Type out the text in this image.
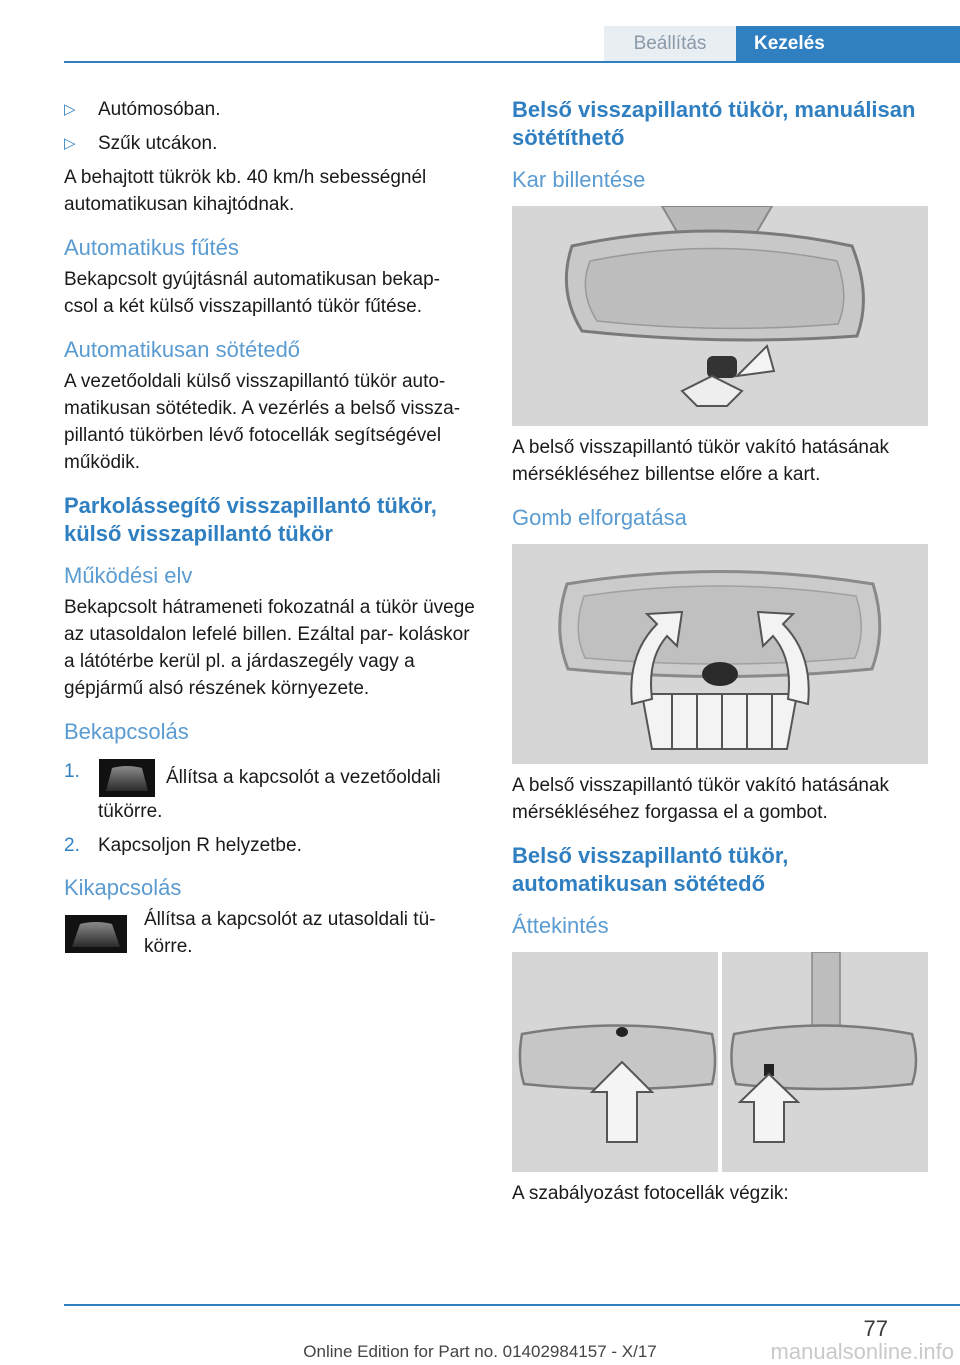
Beállítás	Kezelés
▷ Autómosóban.
▷ Szűk utcákon.

A behajtott tükrök kb. 40 km/h sebességnél automatikusan kihajtódnak.

Automatikus fűtés

Bekapcsolt gyújtásnál automatikusan bekap‐ csol a két külső visszapillantó tükör fűtése.

Automatikusan sötétedő

A vezetőoldali külső visszapillantó tükör auto‐ matikusan sötétedik. A vezérlés a belső vissza‐ pillantó tükörben lévő fotocellák segítségével működik.

Parkolássegítő visszapillantó tükör, külső visszapillantó tükör
Működési elv

Bekapcsolt hátrameneti fokozatnál a tükör üvege az utasoldalon lefelé billen. Ezáltal par‐ koláskor a látótérbe kerül pl. a járdaszegély vagy a gépjármű alsó részének környezete.

Bekapcsolás
1.	Állítsa a kapcsolót a vezetőoldali tükörre.
2. Kapcsoljon R helyzetbe.
Kikapcsolás

Állítsa a kapcsolót az utasoldali tü‐ körre.

Belső visszapillantó tükör, manuálisan sötétíthető
Kar billentése

A belső visszapillantó tükör vakító hatásának mérsékléséhez billentse előre a kart.

Gomb elforgatása

A belső visszapillantó tükör vakító hatásának mérsékléséhez forgassa el a gombot.

Belső visszapillantó tükör, automatikusan sötétedő
Áttekintés

A szabályozást fotocellák végzik:

77
Online Edition for Part no. 01402984157 - X/17	manualsonline.info
